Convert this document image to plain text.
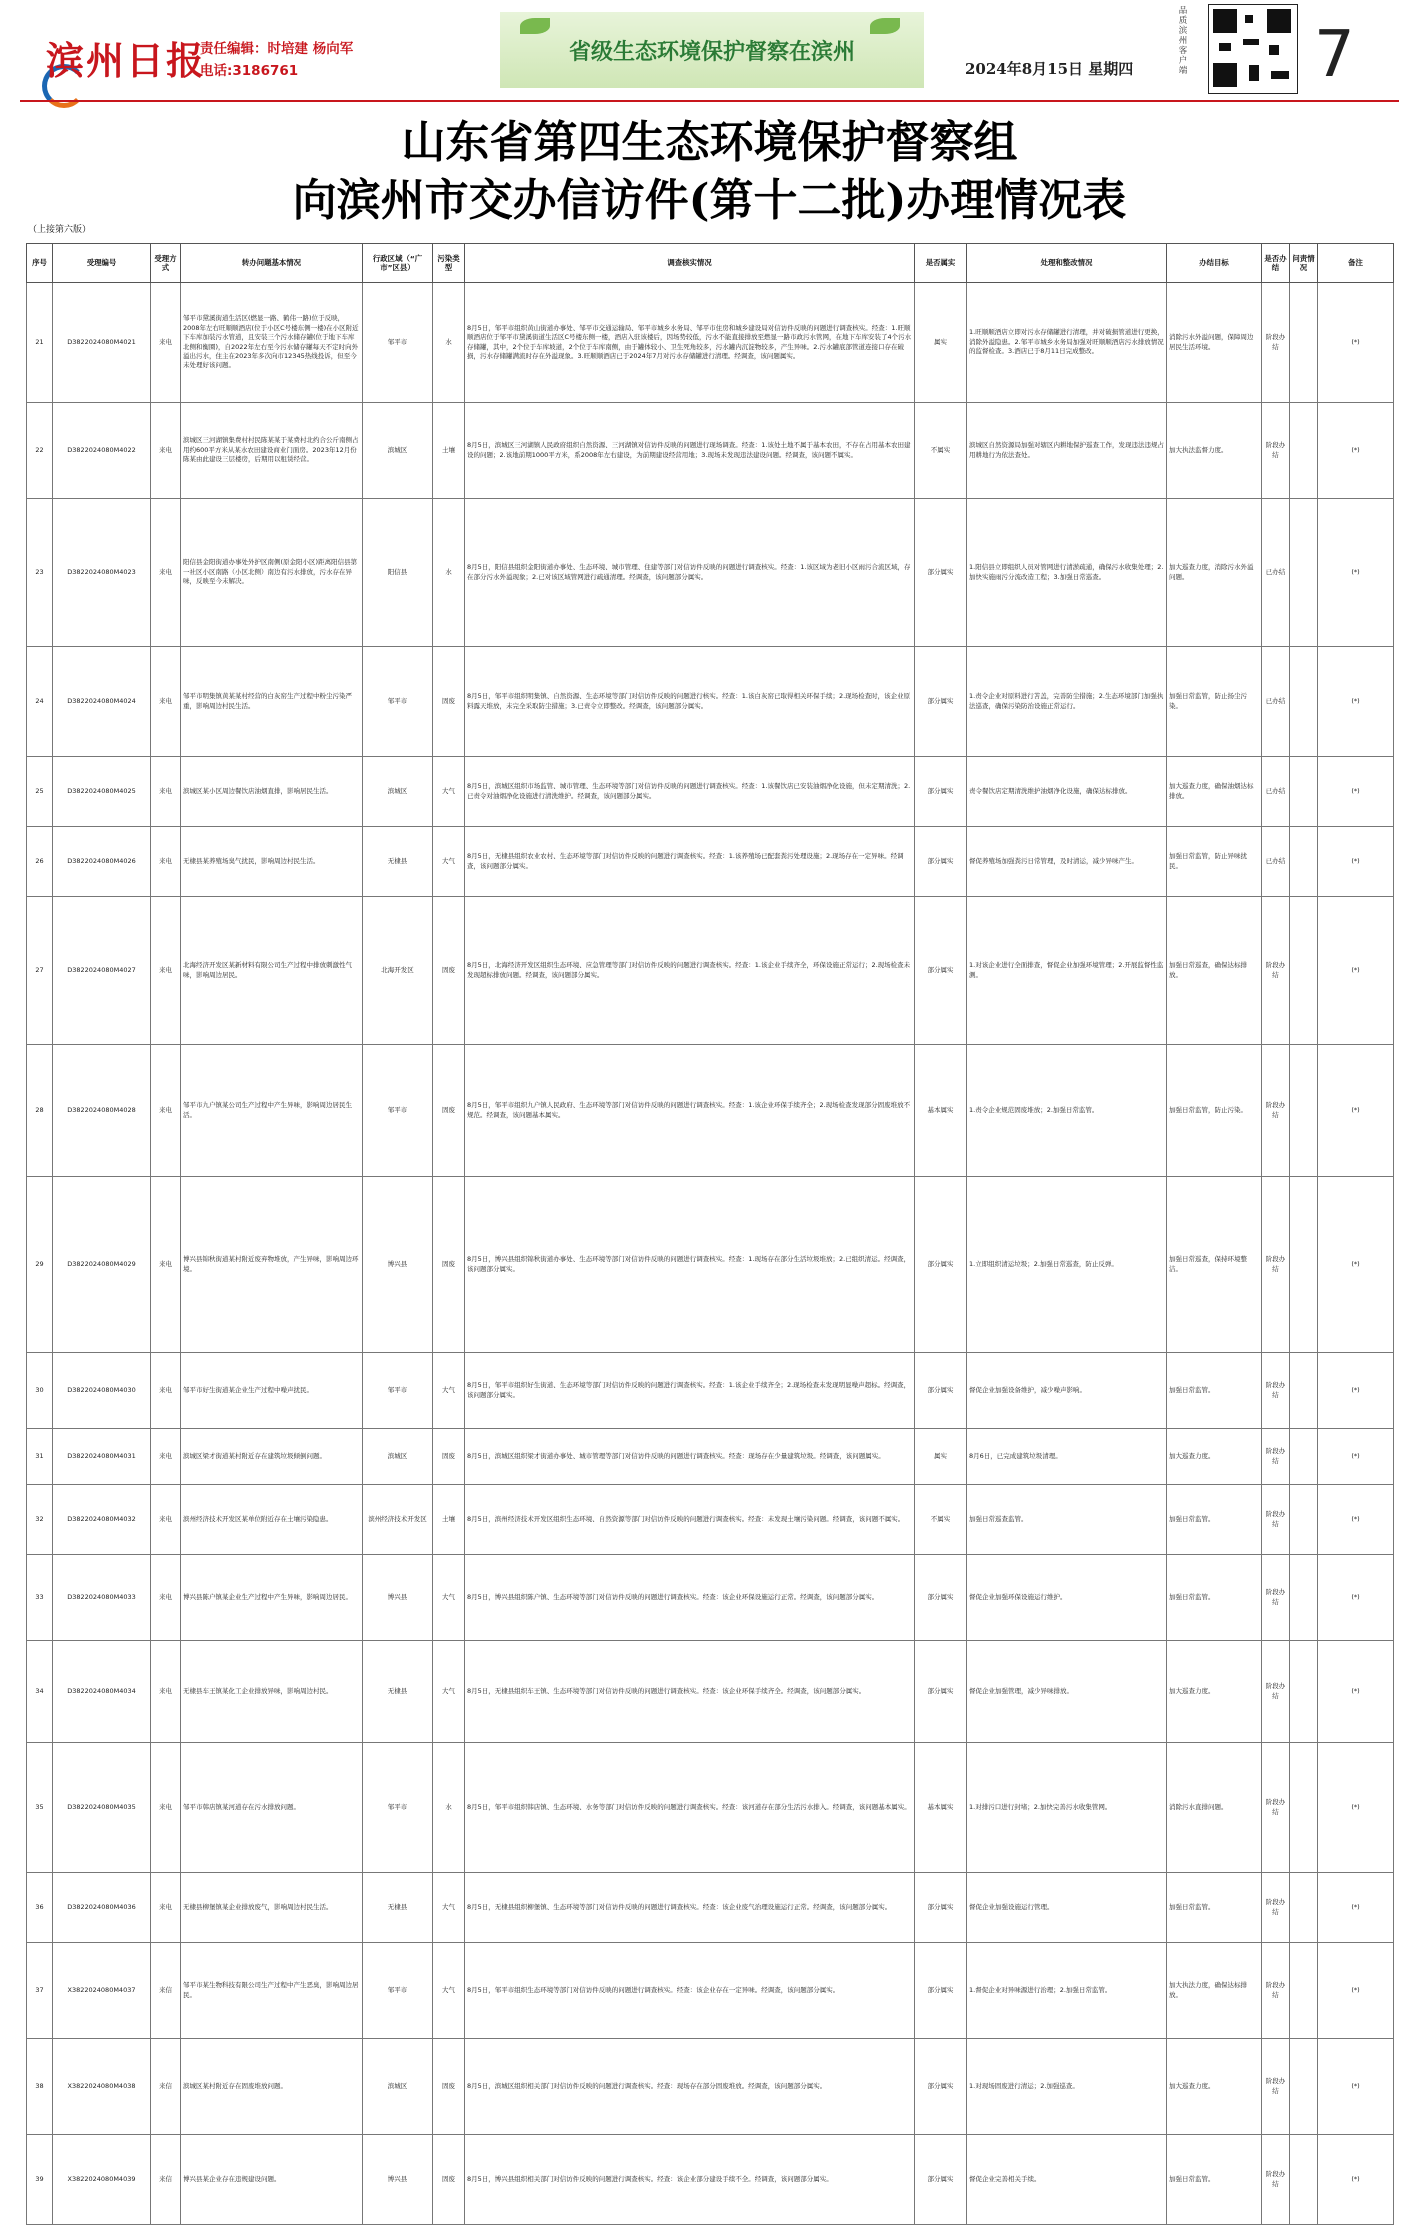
滨州日报
责任编辑：时培建 杨向军
电话:3186761
省级生态环境保护督察在滨州
2024年8月15日 星期四
品质滨州客户端 7
山东省第四生态环境保护督察组
向滨州市交办信访件(第十二批)办理情况表
（上接第六版）
序号	受理编号	受理方式	转办问题基本情况	行政区域（“广市”区县）	污染类型	调查核实情况	是否属实	处理和整改情况	办结目标	是否办结	问责情况	备注
21	D3822024080M4021	来电	邹平市黛溪街道生活区(燃显一路、鹤伟一路)位于反映，2008年左右旺顺顺酒店(位于小区C号楼东侧一楼)在小区附近下车库加装污水管道，且安装三个污水储存罐(位于地下车库北侧和衡圈)，自2022年左右至今污水储存罐每天不定时向外溢出污水，住主在2023年多次向市12345热线投诉，但至今未处理好该问题。	邹平市	水	8月5日，邹平市组织黄山街道办事处、邹平市交通运输局、邹平市城乡水务局、邹平市住房和城乡建设局对信访件反映的问题进行调查核实。经查：1.旺顺顺酒店位于邹平市黛溪街道生活区C号楼东侧一楼，酒店入驻该楼后，因场势较低，污水不能直接排放至燃显一路市政污水管网，在地下车库安装了4个污水存储罐，其中，2个位于车库坡道，2个位于车库南侧，由于罐体较小、卫生死角较多，污水罐内沉淀物较多，产生异味。2.污水罐底部管道连接口存在破损，污水存储罐满流时存在外溢现象。3.旺顺顺酒店已于2024年7月对污水存储罐进行清理。经调查，该问题属实。	属实	1.旺顺顺酒店立即对污水存储罐进行清理，并对破损管道进行更换，消除外溢隐患。2.邹平市城乡水务局加强对旺顺顺酒店污水排放情况的监督检查。3.酒店已于8月11日完成整改。	消除污水外溢问题，保障周边居民生活环境。	阶段办结		(*)
22	D3822024080M4022	来电	滨城区三河湖镇集费村村民陈某某于某费村北约合公斤南侧占用约600平方米从某水农田建设商业门面房。2023年12月份陈某由此建设三层楼房，后期用以租赁经营。	滨城区	土壤	8月5日，滨城区三河湖镇人民政府组织自然资源、三河湖镇对信访件反映的问题进行现场调查。经查：1.该处土地不属于基本农田，不存在占用基本农田建设的问题；2.该地前期1000平方米，系2008年左右建设，为前期建设经营用地；3.现场未发现违法建设问题。经调查，该问题不属实。	不属实	滨城区自然资源局加强对辖区内耕地保护巡查工作，发现违法违规占用耕地行为依法查处。	加大执法监督力度。	阶段办结		(*)
23	D3822024080M4023	来电	阳信县金阳街道办事处外护区南侧(原金阳小区)距离阳信县第一社区小区南路（小区北侧）南边有污水排放，污水存在异味，反映至今未解决。	阳信县	水	8月5日，阳信县组织金阳街道办事处、生态环境、城市管理、住建等部门对信访件反映的问题进行调查核实。经查：1.该区域为老旧小区雨污合流区域，存在部分污水外溢现象；2.已对该区域管网进行疏通清理。经调查，该问题部分属实。	部分属实	1.阳信县立即组织人员对管网进行清淤疏通，确保污水收集处理；2.加快实施雨污分流改造工程；3.加强日常巡查。	加大巡查力度，消除污水外溢问题。	已办结		(*)
24	D3822024080M4024	来电	邹平市明集镇黄某某村经营的白灰窑生产过程中粉尘污染严重，影响周边村民生活。	邹平市	固废	8月5日，邹平市组织明集镇、自然资源、生态环境等部门对信访件反映的问题进行核实。经查：1.该白灰窑已取得相关环保手续；2.现场检查时，该企业原料露天堆放，未完全采取防尘措施；3.已责令立即整改。经调查，该问题部分属实。	部分属实	1.责令企业对原料进行苫盖，完善防尘措施；2.生态环境部门加强执法巡查，确保污染防治设施正常运行。	加强日常监管，防止扬尘污染。	已办结		(*)
25	D3822024080M4025	来电	滨城区某小区周边餐饮店油烟直排，影响居民生活。	滨城区	大气	8月5日，滨城区组织市场监管、城市管理、生态环境等部门对信访件反映的问题进行调查核实。经查：1.该餐饮店已安装油烟净化设施，但未定期清洗；2.已责令对油烟净化设施进行清洗维护。经调查，该问题部分属实。	部分属实	责令餐饮店定期清洗维护油烟净化设施，确保达标排放。	加大巡查力度，确保油烟达标排放。	已办结		(*)
26	D3822024080M4026	来电	无棣县某养殖场臭气扰民，影响周边村民生活。	无棣县	大气	8月5日，无棣县组织农业农村、生态环境等部门对信访件反映的问题进行调查核实。经查：1.该养殖场已配套粪污处理设施；2.现场存在一定异味。经调查，该问题部分属实。	部分属实	督促养殖场加强粪污日常管理，及时清运，减少异味产生。	加强日常监管，防止异味扰民。	已办结		(*)
27	D3822024080M4027	来电	北海经济开发区某新材料有限公司生产过程中排放刺激性气味，影响周边居民。	北海开发区	固废	8月5日，北海经济开发区组织生态环境、应急管理等部门对信访件反映的问题进行调查核实。经查：1.该企业手续齐全，环保设施正常运行；2.现场检查未发现超标排放问题。经调查，该问题部分属实。	部分属实	1.对该企业进行全面排查，督促企业加强环境管理；2.开展监督性监测。	加强日常巡查，确保达标排放。	阶段办结		(*)
28	D3822024080M4028	来电	邹平市九户镇某公司生产过程中产生异味，影响周边居民生活。	邹平市	固废	8月5日，邹平市组织九户镇人民政府、生态环境等部门对信访件反映的问题进行调查核实。经查：1.该企业环保手续齐全；2.现场检查发现部分固废堆放不规范。经调查，该问题基本属实。	基本属实	1.责令企业规范固废堆放；2.加强日常监管。	加强日常监管，防止污染。	阶段办结		(*)
29	D3822024080M4029	来电	博兴县锦秋街道某村附近废弃物堆放，产生异味，影响周边环境。	博兴县	固废	8月5日，博兴县组织锦秋街道办事处、生态环境等部门对信访件反映的问题进行调查核实。经查：1.现场存在部分生活垃圾堆放；2.已组织清运。经调查，该问题部分属实。	部分属实	1.立即组织清运垃圾；2.加强日常巡查，防止反弹。	加强日常巡查，保持环境整洁。	阶段办结		(*)
30	D3822024080M4030	来电	邹平市好生街道某企业生产过程中噪声扰民。	邹平市	大气	8月5日，邹平市组织好生街道、生态环境等部门对信访件反映的问题进行调查核实。经查：1.该企业手续齐全；2.现场检查未发现明显噪声超标。经调查，该问题部分属实。	部分属实	督促企业加强设备维护，减少噪声影响。	加强日常监管。	阶段办结		(*)
31	D3822024080M4031	来电	滨城区梁才街道某村附近存在建筑垃圾倾倒问题。	滨城区	固废	8月5日，滨城区组织梁才街道办事处、城市管理等部门对信访件反映的问题进行调查核实。经查：现场存在少量建筑垃圾。经调查，该问题属实。	属实	8月6日，已完成建筑垃圾清理。	加大巡查力度。	阶段办结		(*)
32	D3822024080M4032	来电	滨州经济技术开发区某单位附近存在土壤污染隐患。	滨州经济技术开发区	土壤	8月5日，滨州经济技术开发区组织生态环境、自然资源等部门对信访件反映的问题进行调查核实。经查：未发现土壤污染问题。经调查，该问题不属实。	不属实	加强日常巡查监管。	加强日常监管。	阶段办结		(*)
33	D3822024080M4033	来电	博兴县陈户镇某企业生产过程中产生异味，影响周边居民。	博兴县	大气	8月5日，博兴县组织陈户镇、生态环境等部门对信访件反映的问题进行调查核实。经查：该企业环保设施运行正常。经调查，该问题部分属实。	部分属实	督促企业加强环保设施运行维护。	加强日常监管。	阶段办结		(*)
34	D3822024080M4034	来电	无棣县车王镇某化工企业排放异味，影响周边村民。	无棣县	大气	8月5日，无棣县组织车王镇、生态环境等部门对信访件反映的问题进行调查核实。经查：该企业环保手续齐全。经调查，该问题部分属实。	部分属实	督促企业加强管理，减少异味排放。	加大巡查力度。	阶段办结		(*)
35	D3822024080M4035	来电	邹平市韩店镇某河道存在污水排放问题。	邹平市	水	8月5日，邹平市组织韩店镇、生态环境、水务等部门对信访件反映的问题进行调查核实。经查：该河道存在部分生活污水排入。经调查，该问题基本属实。	基本属实	1.对排污口进行封堵；2.加快完善污水收集管网。	消除污水直排问题。	阶段办结		(*)
36	D3822024080M4036	来电	无棣县柳堡镇某企业排放废气，影响周边村民生活。	无棣县	大气	8月5日，无棣县组织柳堡镇、生态环境等部门对信访件反映的问题进行调查核实。经查：该企业废气治理设施运行正常。经调查，该问题部分属实。	部分属实	督促企业加强设施运行管理。	加强日常监管。	阶段办结		(*)
37	X3822024080M4037	来信	邹平市某生物科技有限公司生产过程中产生恶臭，影响周边居民。	邹平市	大气	8月5日，邹平市组织生态环境等部门对信访件反映的问题进行调查核实。经查：该企业存在一定异味。经调查，该问题部分属实。	部分属实	1.督促企业对异味源进行治理；2.加强日常监管。	加大执法力度，确保达标排放。	阶段办结		(*)
38	X3822024080M4038	来信	滨城区某村附近存在固废堆放问题。	滨城区	固废	8月5日，滨城区组织相关部门对信访件反映的问题进行调查核实。经查：现场存在部分固废堆放。经调查，该问题部分属实。	部分属实	1.对现场固废进行清运；2.加强巡查。	加大巡查力度。	阶段办结		(*)
39	X3822024080M4039	来信	博兴县某企业存在违规建设问题。	博兴县	固废	8月5日，博兴县组织相关部门对信访件反映的问题进行调查核实。经查：该企业部分建设手续不全。经调查，该问题部分属实。	部分属实	督促企业完善相关手续。	加强日常监管。	阶段办结		(*)
